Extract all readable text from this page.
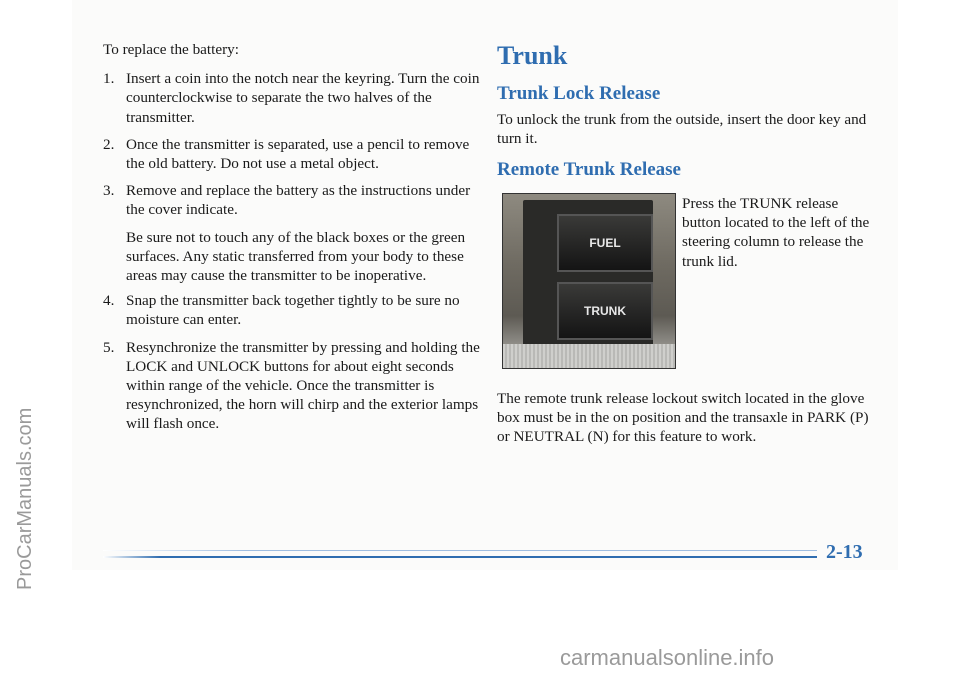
To replace the battery:

1. Insert a coin into the notch near the keyring. Turn the coin counterclockwise to separate the two halves of the transmitter.
2. Once the transmitter is separated, use a pencil to remove the old battery. Do not use a metal object.
3. Remove and replace the battery as the instructions under the cover indicate.

Be sure not to touch any of the black boxes or the green surfaces. Any static transferred from your body to these areas may cause the transmitter to be inoperative.

4. Snap the transmitter back together tightly to be sure no moisture can enter.
5. Resynchronize the transmitter by pressing and holding the LOCK and UNLOCK buttons for about eight seconds within range of the vehicle. Once the transmitter is resynchronized, the horn will chirp and the exterior lamps will flash once.
Trunk
Trunk Lock Release

To unlock the trunk from the outside, insert the door key and turn it.

Remote Trunk Release
FUEL
TRUNK

Press the TRUNK release button located to the left of the steering column to release the trunk lid.

The remote trunk release lockout switch located in the glove box must be in the on position and the transaxle in PARK (P) or NEUTRAL (N) for this feature to work.

2-13
ProCarManuals.com
carmanualsonline.info
